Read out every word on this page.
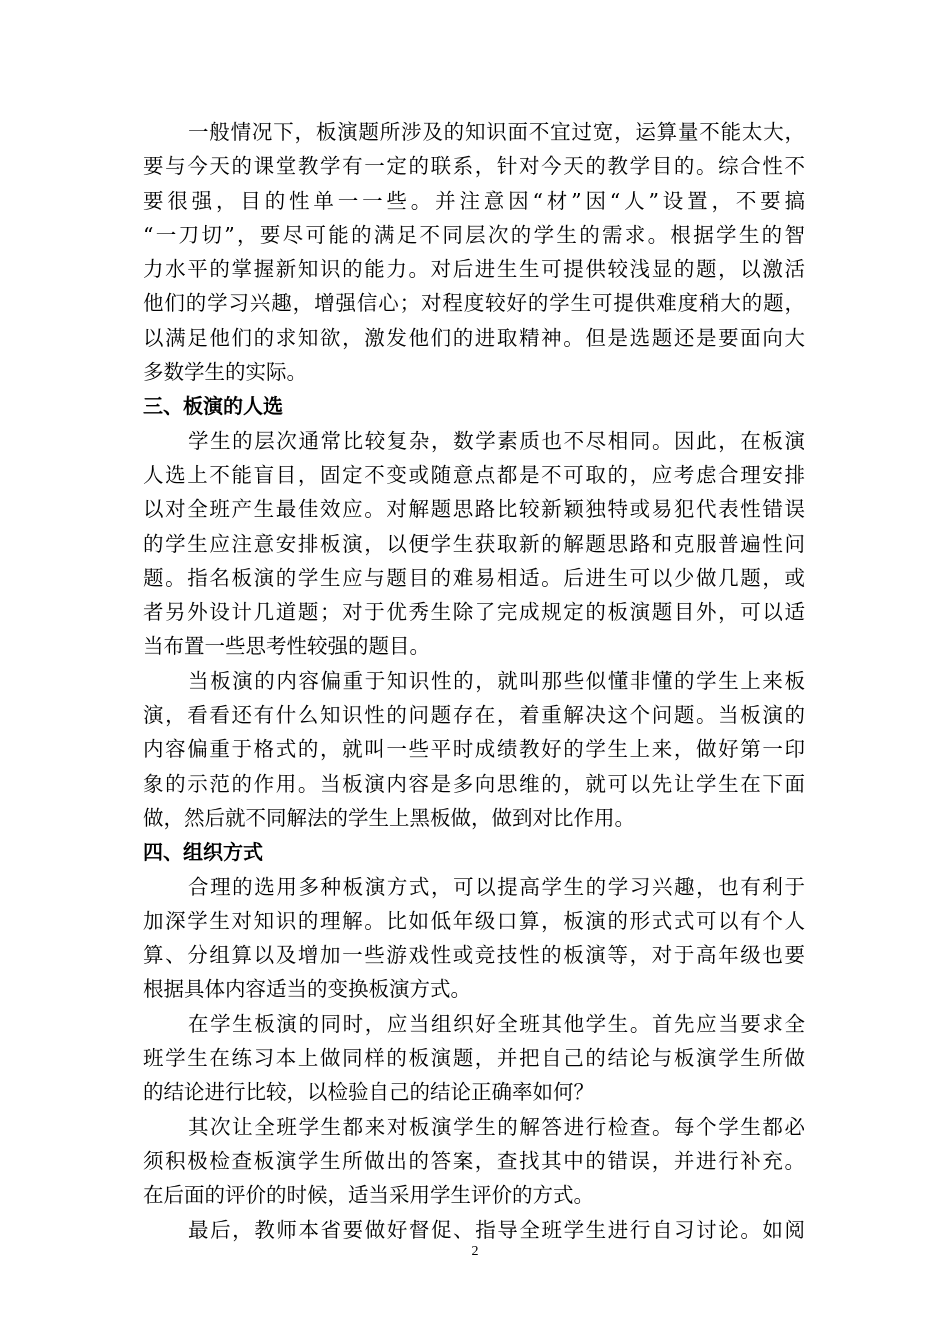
一般情况下，板演题所涉及的知识面不宜过宽，运算量不能太大，
要与今天的课堂教学有一定的联系，针对今天的教学目的。综合性不
要很强，目的性单一一些。并注意因“材”因“人”设置，不要搞
“一刀切”，要尽可能的满足不同层次的学生的需求。根据学生的智
力水平的掌握新知识的能力。对后进生生可提供较浅显的题，以激活
他们的学习兴趣，增强信心；对程度较好的学生可提供难度稍大的题，
以满足他们的求知欲，激发他们的进取精神。但是选题还是要面向大
多数学生的实际。
三、板演的人选
学生的层次通常比较复杂，数学素质也不尽相同。因此，在板演
人选上不能盲目，固定不变或随意点都是不可取的，应考虑合理安排
以对全班产生最佳效应。对解题思路比较新颖独特或易犯代表性错误
的学生应注意安排板演，以便学生获取新的解题思路和克服普遍性问
题。指名板演的学生应与题目的难易相适。后进生可以少做几题，或
者另外设计几道题；对于优秀生除了完成规定的板演题目外，可以适
当布置一些思考性较强的题目。
当板演的内容偏重于知识性的，就叫那些似懂非懂的学生上来板
演，看看还有什么知识性的问题存在，着重解决这个问题。当板演的
内容偏重于格式的，就叫一些平时成绩教好的学生上来，做好第一印
象的示范的作用。当板演内容是多向思维的，就可以先让学生在下面
做，然后就不同解法的学生上黑板做，做到对比作用。
四、组织方式
合理的选用多种板演方式，可以提高学生的学习兴趣，也有利于
加深学生对知识的理解。比如低年级口算，板演的形式式可以有个人
算、分组算以及增加一些游戏性或竞技性的板演等，对于高年级也要
根据具体内容适当的变换板演方式。
在学生板演的同时，应当组织好全班其他学生。首先应当要求全
班学生在练习本上做同样的板演题，并把自己的结论与板演学生所做
的结论进行比较，以检验自己的结论正确率如何？
其次让全班学生都来对板演学生的解答进行检查。每个学生都必
须积极检查板演学生所做出的答案，查找其中的错误，并进行补充。
在后面的评价的时候，适当采用学生评价的方式。
最后，教师本省要做好督促、指导全班学生进行自习讨论。如阅
2
